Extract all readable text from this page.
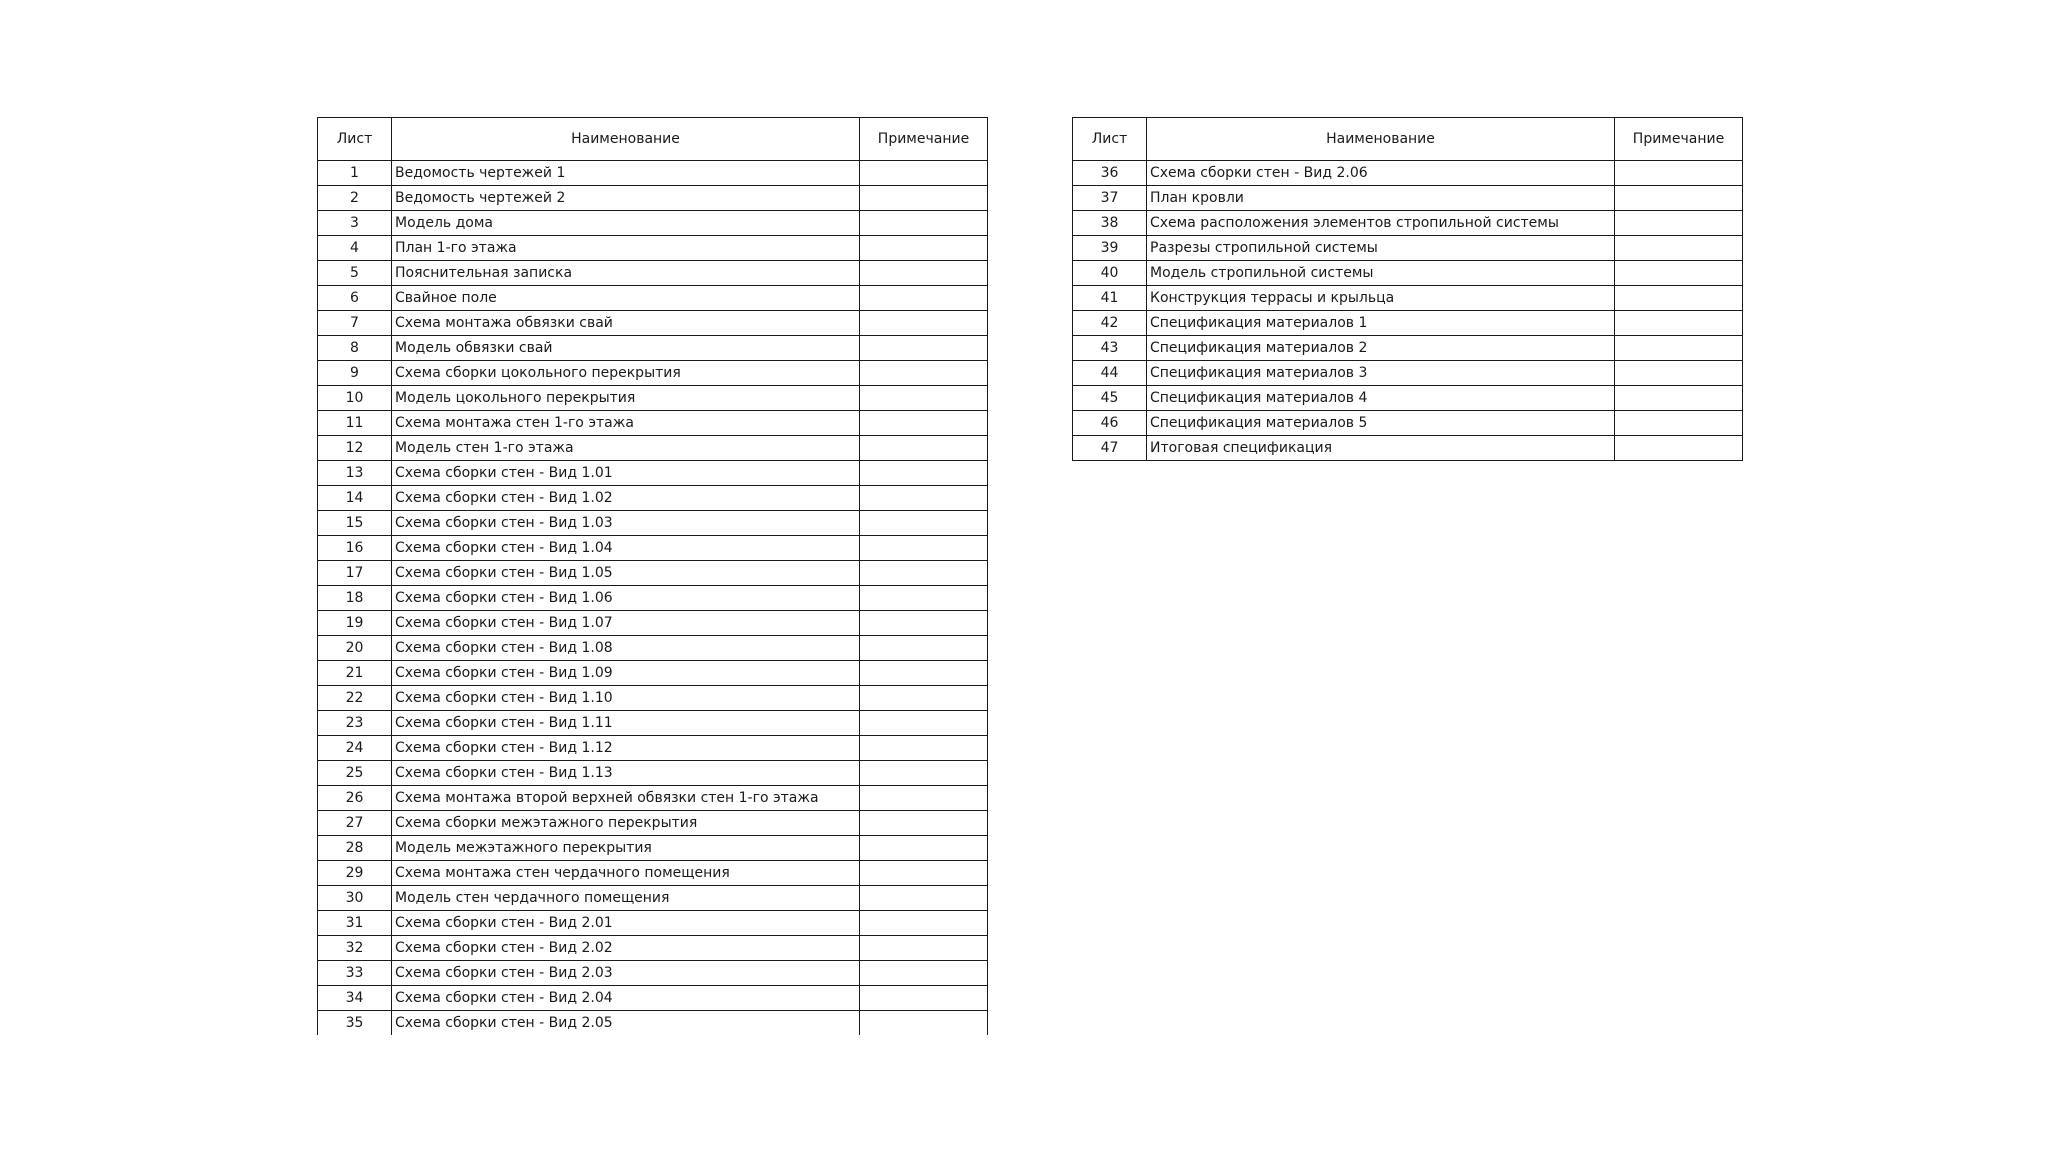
Лист	Наименование	Примечание
1	Ведомость чертежей 1	
2	Ведомость чертежей 2	
3	Модель дома	
4	План 1-го этажа	
5	Пояснительная записка	
6	Свайное поле	
7	Схема монтажа обвязки свай	
8	Модель обвязки свай	
9	Схема сборки цокольного перекрытия	
10	Модель цокольного перекрытия	
11	Схема монтажа стен 1-го этажа	
12	Модель стен 1-го этажа	
13	Схема сборки стен - Вид 1.01	
14	Схема сборки стен - Вид 1.02	
15	Схема сборки стен - Вид 1.03	
16	Схема сборки стен - Вид 1.04	
17	Схема сборки стен - Вид 1.05	
18	Схема сборки стен - Вид 1.06	
19	Схема сборки стен - Вид 1.07	
20	Схема сборки стен - Вид 1.08	
21	Схема сборки стен - Вид 1.09	
22	Схема сборки стен - Вид 1.10	
23	Схема сборки стен - Вид 1.11	
24	Схема сборки стен - Вид 1.12	
25	Схема сборки стен - Вид 1.13	
26	Схема монтажа второй верхней обвязки стен 1-го этажа	
27	Схема сборки межэтажного перекрытия	
28	Модель межэтажного перекрытия	
29	Схема монтажа стен чердачного помещения	
30	Модель стен чердачного помещения	
31	Схема сборки стен - Вид 2.01	
32	Схема сборки стен - Вид 2.02	
33	Схема сборки стен - Вид 2.03	
34	Схема сборки стен - Вид 2.04	
35	Схема сборки стен - Вид 2.05	
Лист	Наименование	Примечание
36	Схема сборки стен - Вид 2.06	
37	План кровли	
38	Схема расположения элементов стропильной системы	
39	Разрезы стропильной системы	
40	Модель стропильной системы	
41	Конструкция террасы и крыльца	
42	Спецификация материалов 1	
43	Спецификация материалов 2	
44	Спецификация материалов 3	
45	Спецификация материалов 4	
46	Спецификация материалов 5	
47	Итоговая спецификация	
